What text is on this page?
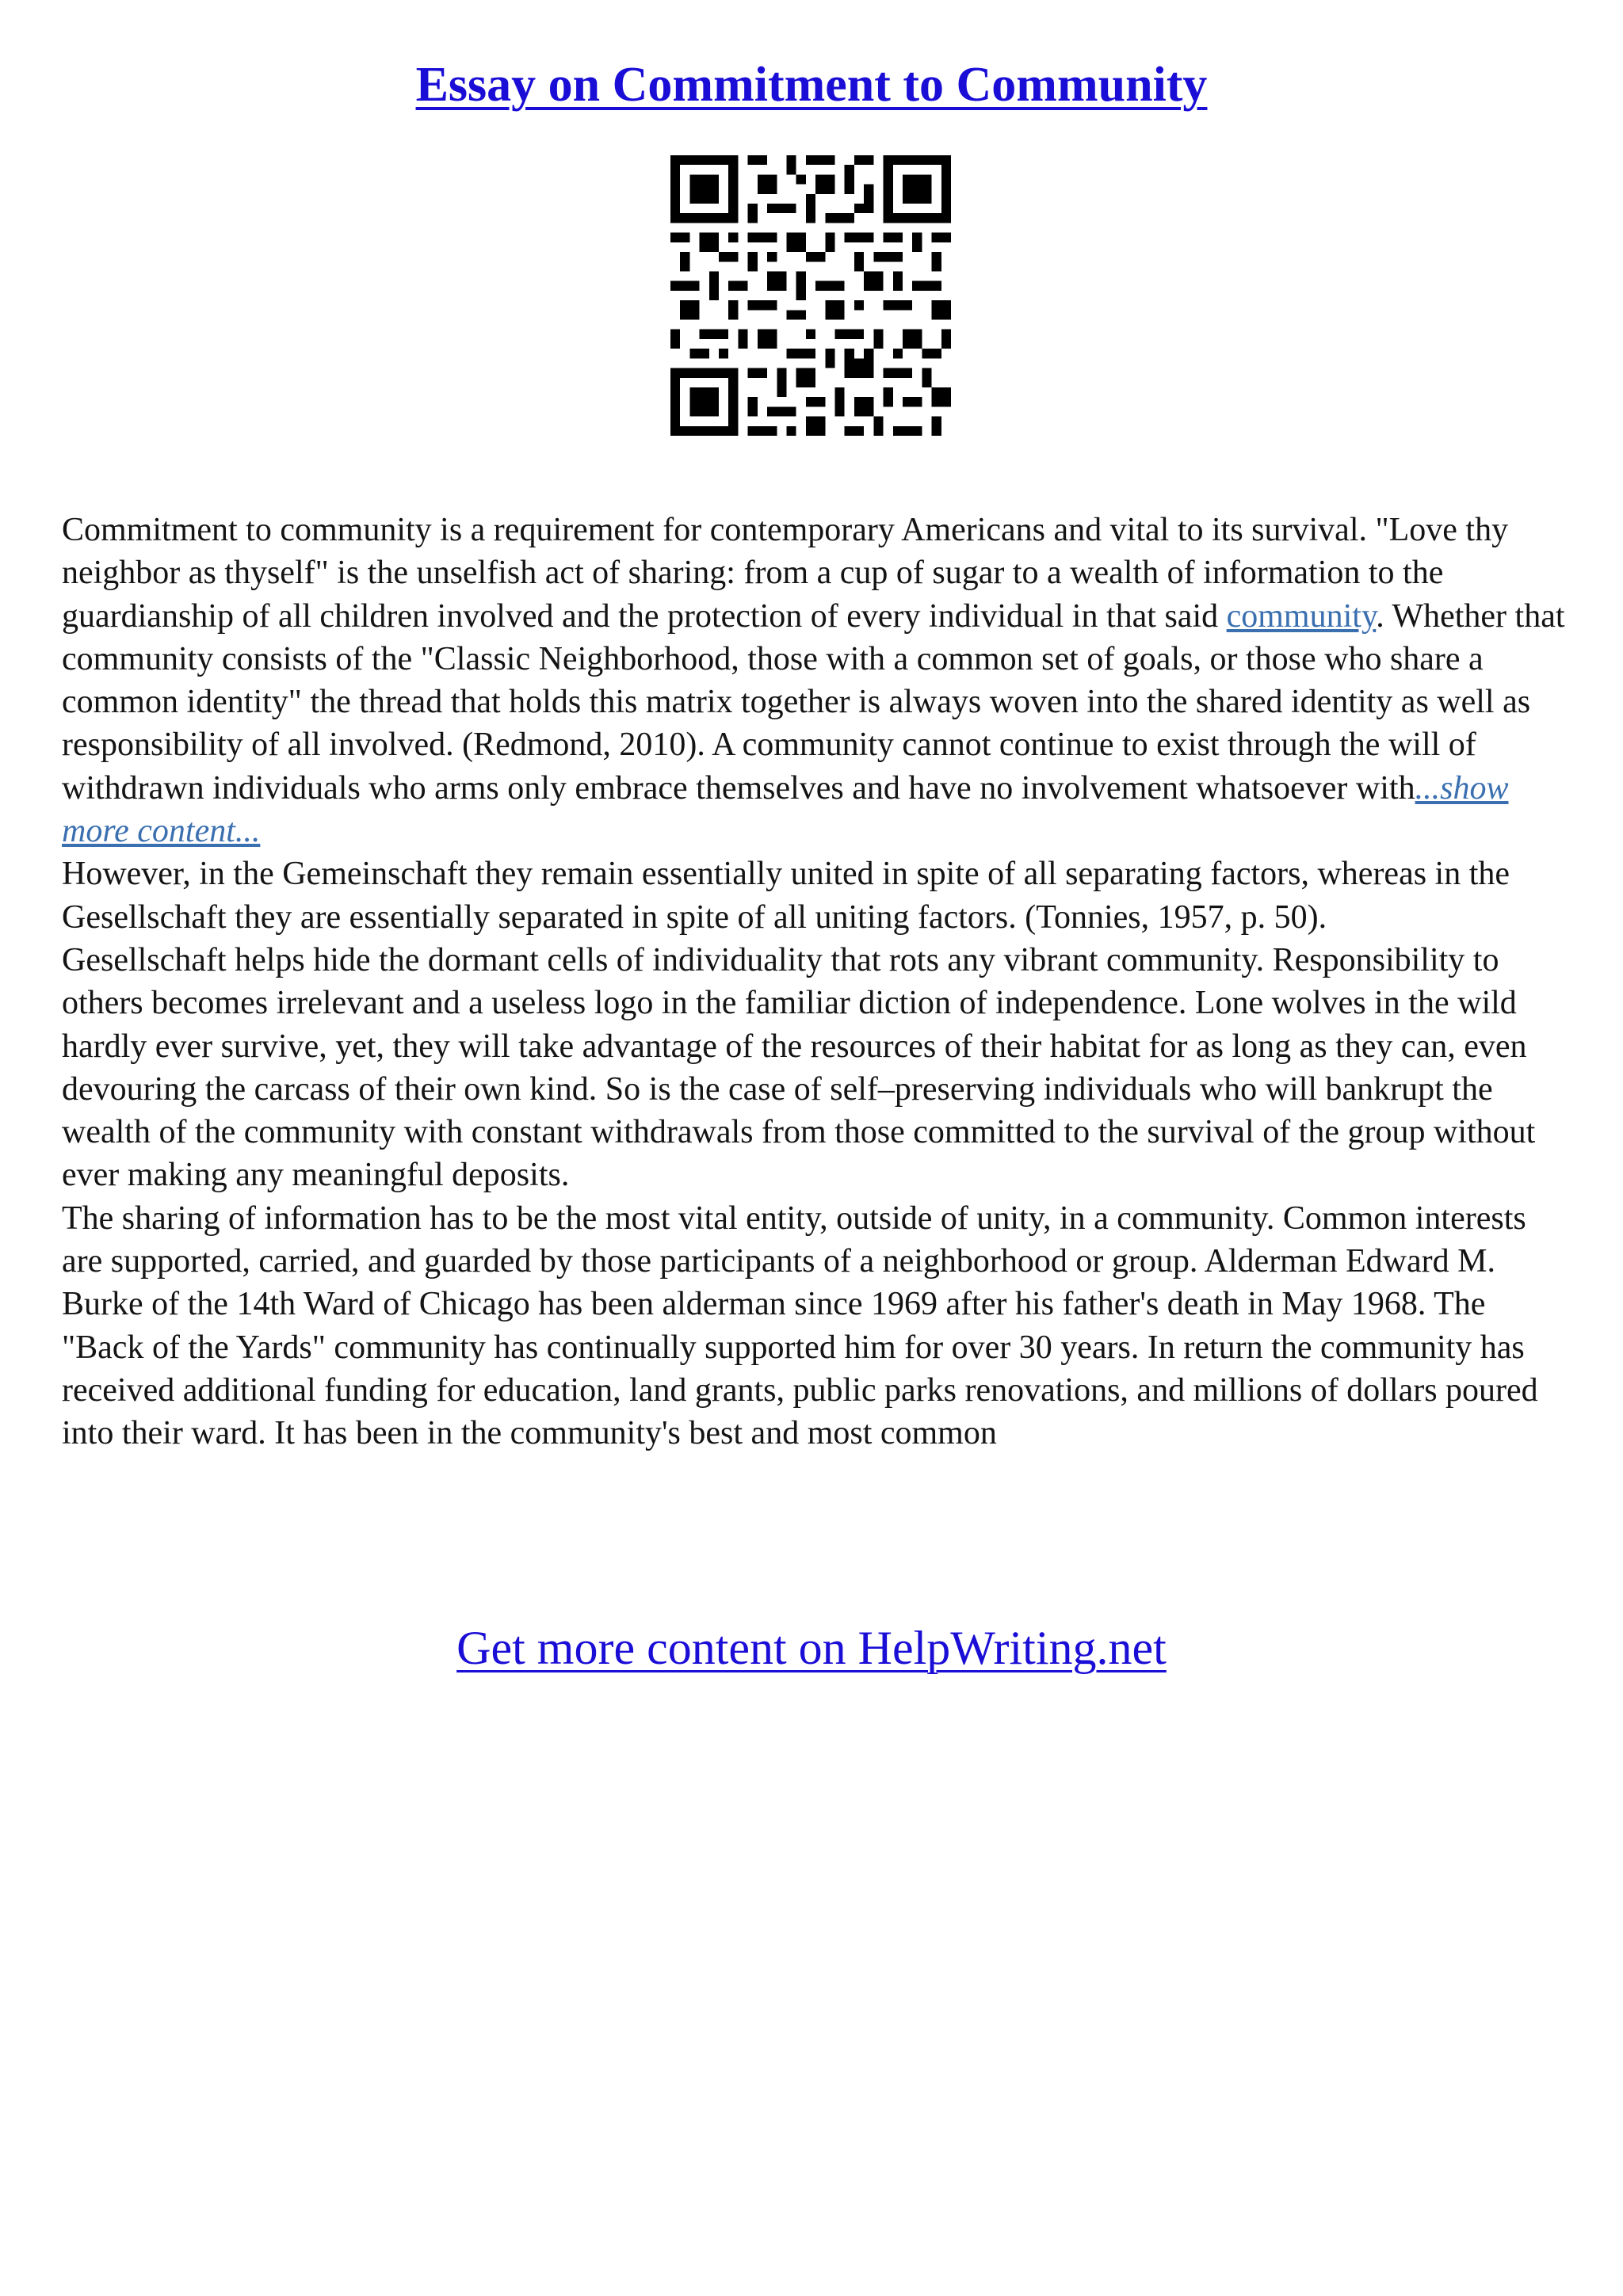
Essay on Commitment to Community

Commitment to community is a requirement for contemporary Americans and vital to its survival. "Love thy neighbor as thyself" is the unselfish act of sharing: from a cup of sugar to a wealth of information to the guardianship of all children involved and the protection of every individual in that said community. Whether that community consists of the "Classic Neighborhood, those with a common set of goals, or those who share a common identity" the thread that holds this matrix together is always woven into the shared identity as well as responsibility of all involved. (Redmond, 2010). A community cannot continue to exist through the will of withdrawn individuals who arms only embrace themselves and have no involvement whatsoever with...show more content...

However, in the Gemeinschaft they remain essentially united in spite of all separating factors, whereas in the Gesellschaft they are essentially separated in spite of all uniting factors. (Tonnies, 1957, p. 50).

Gesellschaft helps hide the dormant cells of individuality that rots any vibrant community. Responsibility to others becomes irrelevant and a useless logo in the familiar diction of independence. Lone wolves in the wild hardly ever survive, yet, they will take advantage of the resources of their habitat for as long as they can, even devouring the carcass of their own kind. So is the case of self–preserving individuals who will bankrupt the wealth of the community with constant withdrawals from those committed to the survival of the group without ever making any meaningful deposits.

The sharing of information has to be the most vital entity, outside of unity, in a community. Common interests are supported, carried, and guarded by those participants of a neighborhood or group. Alderman Edward M. Burke of the 14th Ward of Chicago has been alderman since 1969 after his father's death in May 1968. The "Back of the Yards" community has continually supported him for over 30 years. In return the community has received additional funding for education, land grants, public parks renovations, and millions of dollars poured into their ward. It has been in the community's best and most common

Get more content on HelpWriting.net
